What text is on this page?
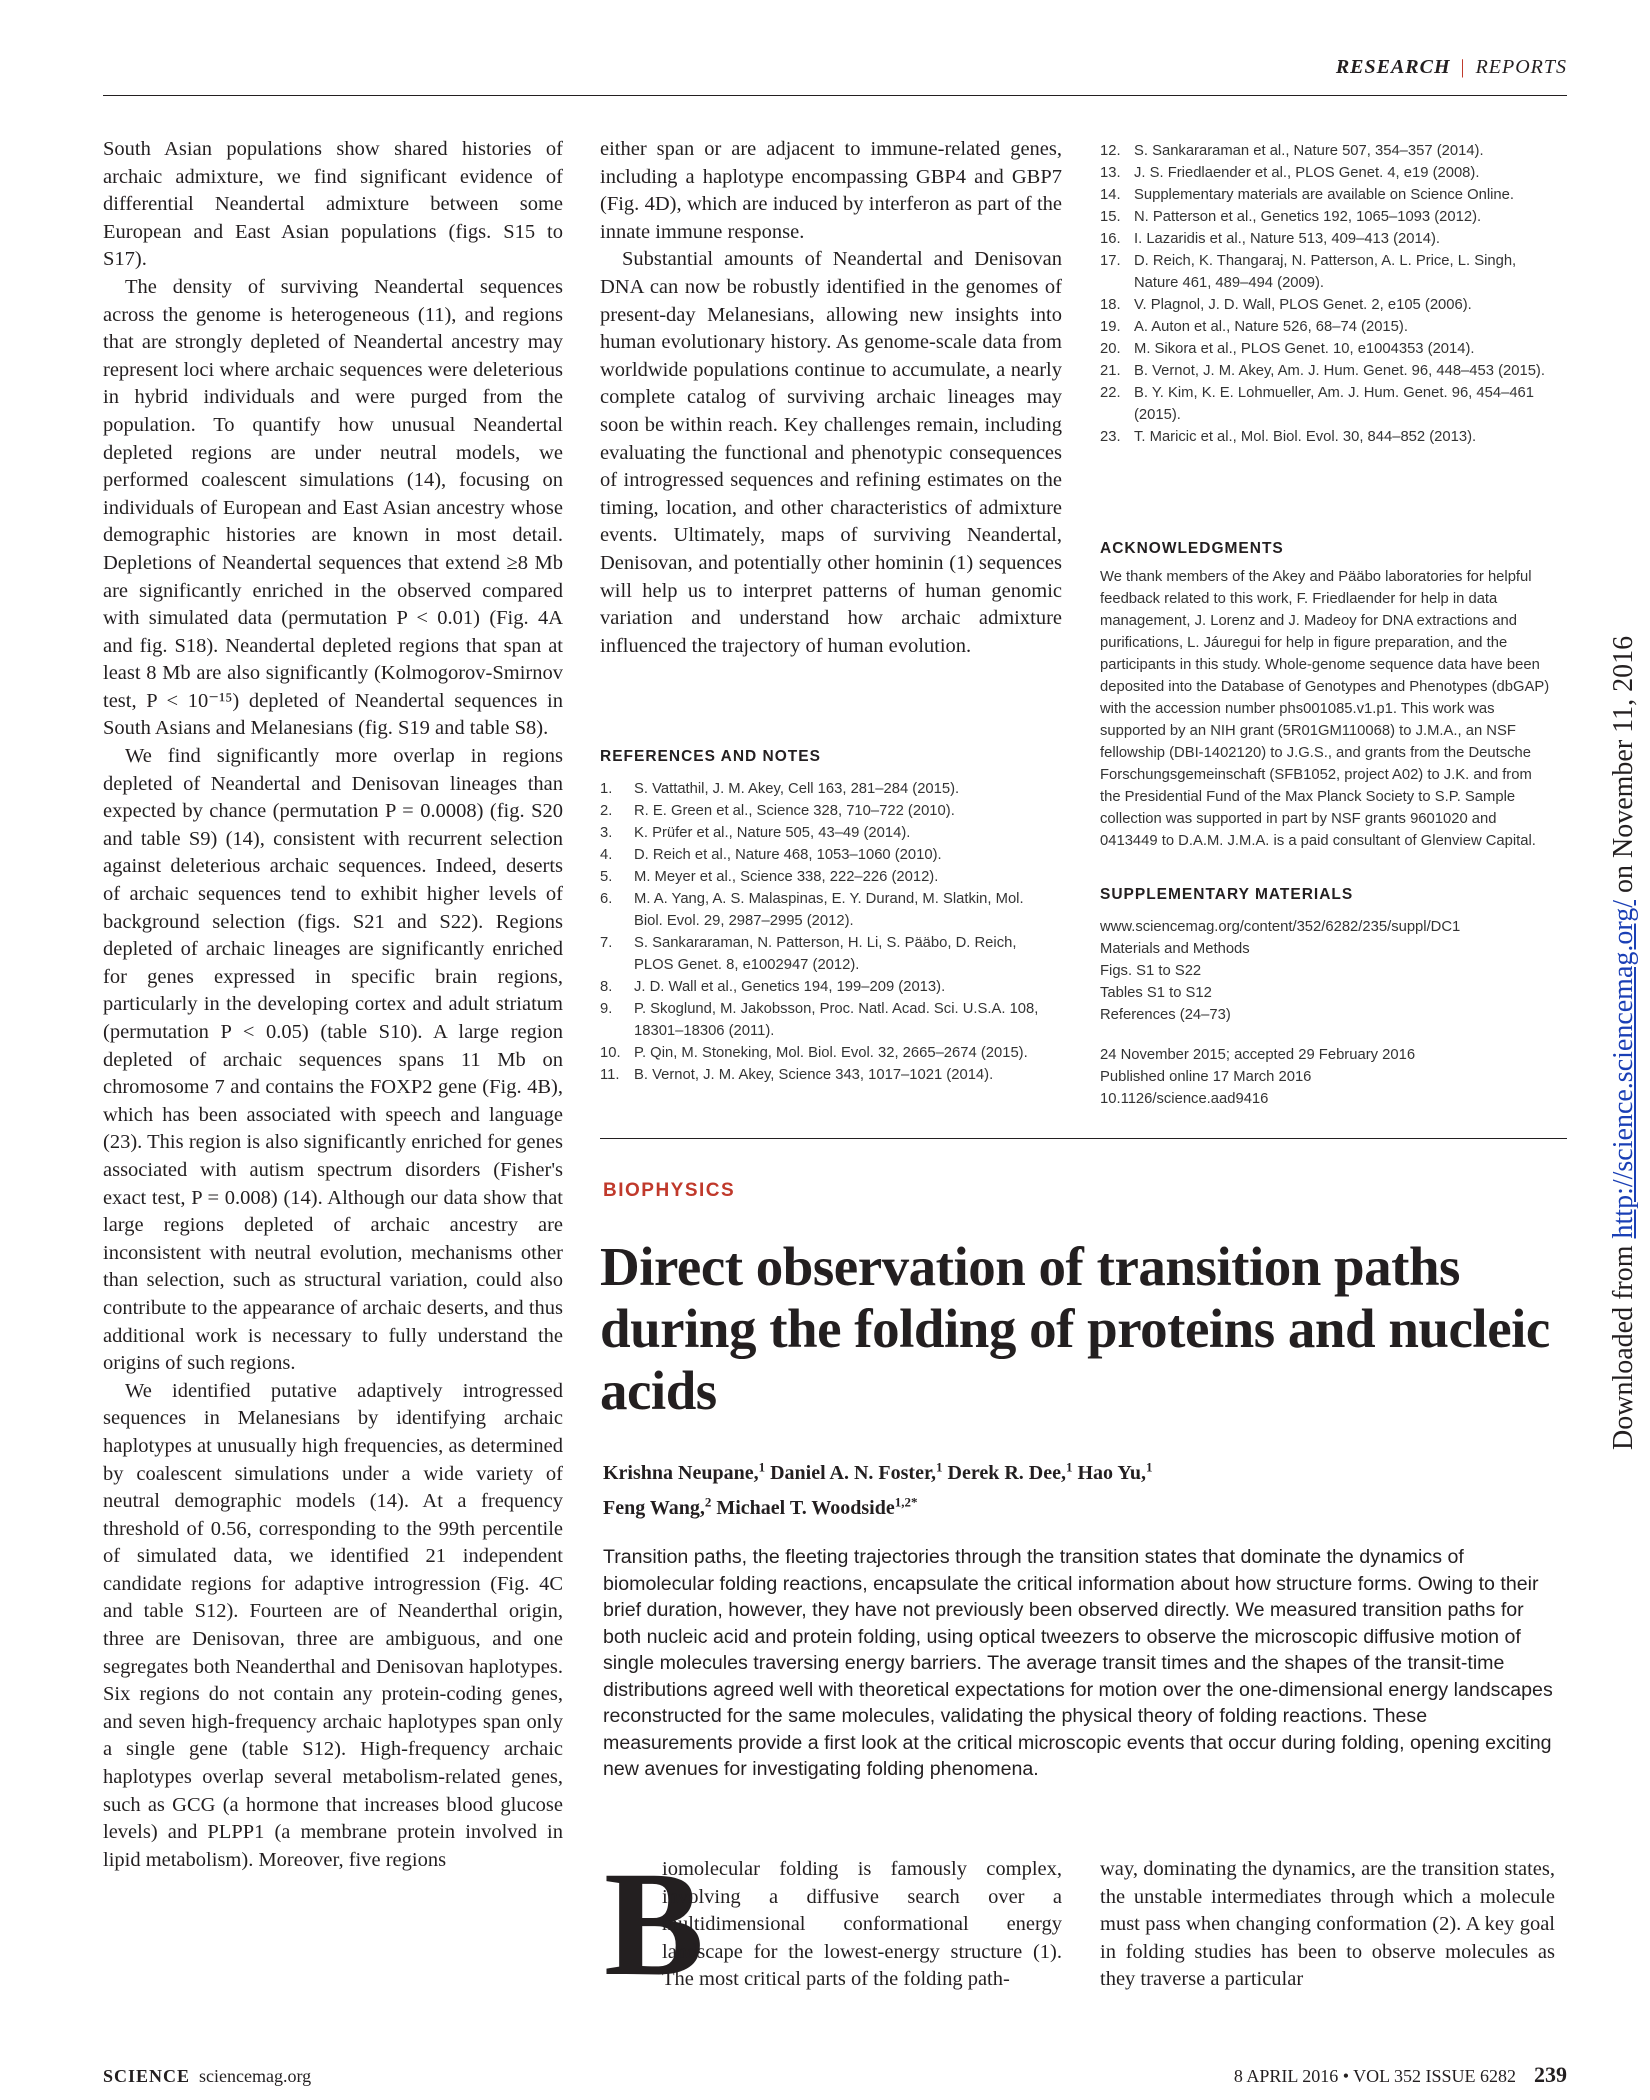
RESEARCH | REPORTS

South Asian populations show shared histories of archaic admixture, we find significant evidence of differential Neandertal admixture between some European and East Asian populations (figs. S15 to S17).

The density of surviving Neandertal sequences across the genome is heterogeneous (11), and regions that are strongly depleted of Neandertal ancestry may represent loci where archaic sequences were deleterious in hybrid individuals and were purged from the population. To quantify how unusual Neandertal depleted regions are under neutral models, we performed coalescent simulations (14), focusing on individuals of European and East Asian ancestry whose demographic histories are known in most detail. Depletions of Neandertal sequences that extend ≥8 Mb are significantly enriched in the observed compared with simulated data (permutation P < 0.01) (Fig. 4A and fig. S18). Neandertal depleted regions that span at least 8 Mb are also significantly (Kolmogorov-Smirnov test, P < 10⁻¹⁵) depleted of Neandertal sequences in South Asians and Melanesians (fig. S19 and table S8).

We find significantly more overlap in regions depleted of Neandertal and Denisovan lineages than expected by chance (permutation P = 0.0008) (fig. S20 and table S9) (14), consistent with recurrent selection against deleterious archaic sequences. Indeed, deserts of archaic sequences tend to exhibit higher levels of background selection (figs. S21 and S22). Regions depleted of archaic lineages are significantly enriched for genes expressed in specific brain regions, particularly in the developing cortex and adult striatum (permutation P < 0.05) (table S10). A large region depleted of archaic sequences spans 11 Mb on chromosome 7 and contains the FOXP2 gene (Fig. 4B), which has been associated with speech and language (23). This region is also significantly enriched for genes associated with autism spectrum disorders (Fisher's exact test, P = 0.008) (14). Although our data show that large regions depleted of archaic ancestry are inconsistent with neutral evolution, mechanisms other than selection, such as structural variation, could also contribute to the appearance of archaic deserts, and thus additional work is necessary to fully understand the origins of such regions.

We identified putative adaptively introgressed sequences in Melanesians by identifying archaic haplotypes at unusually high frequencies, as determined by coalescent simulations under a wide variety of neutral demographic models (14). At a frequency threshold of 0.56, corresponding to the 99th percentile of simulated data, we identified 21 independent candidate regions for adaptive introgression (Fig. 4C and table S12). Fourteen are of Neanderthal origin, three are Denisovan, three are ambiguous, and one segregates both Neanderthal and Denisovan haplotypes. Six regions do not contain any protein-coding genes, and seven high-frequency archaic haplotypes span only a single gene (table S12). High-frequency archaic haplotypes overlap several metabolism-related genes, such as GCG (a hormone that increases blood glucose levels) and PLPP1 (a membrane protein involved in lipid metabolism). Moreover, five regions

either span or are adjacent to immune-related genes, including a haplotype encompassing GBP4 and GBP7 (Fig. 4D), which are induced by interferon as part of the innate immune response.

Substantial amounts of Neandertal and Denisovan DNA can now be robustly identified in the genomes of present-day Melanesians, allowing new insights into human evolutionary history. As genome-scale data from worldwide populations continue to accumulate, a nearly complete catalog of surviving archaic lineages may soon be within reach. Key challenges remain, including evaluating the functional and phenotypic consequences of introgressed sequences and refining estimates on the timing, location, and other characteristics of admixture events. Ultimately, maps of surviving Neandertal, Denisovan, and potentially other hominin (1) sequences will help us to interpret patterns of human genomic variation and understand how archaic admixture influenced the trajectory of human evolution.

REFERENCES AND NOTES
1. S. Vattathil, J. M. Akey, Cell 163, 281–284 (2015).
2. R. E. Green et al., Science 328, 710–722 (2010).
3. K. Prüfer et al., Nature 505, 43–49 (2014).
4. D. Reich et al., Nature 468, 1053–1060 (2010).
5. M. Meyer et al., Science 338, 222–226 (2012).
6. M. A. Yang, A. S. Malaspinas, E. Y. Durand, M. Slatkin, Mol. Biol. Evol. 29, 2987–2995 (2012).
7. S. Sankararaman, N. Patterson, H. Li, S. Pääbo, D. Reich, PLOS Genet. 8, e1002947 (2012).
8. J. D. Wall et al., Genetics 194, 199–209 (2013).
9. P. Skoglund, M. Jakobsson, Proc. Natl. Acad. Sci. U.S.A. 108, 18301–18306 (2011).
10. P. Qin, M. Stoneking, Mol. Biol. Evol. 32, 2665–2674 (2015).
11. B. Vernot, J. M. Akey, Science 343, 1017–1021 (2014).
12. S. Sankararaman et al., Nature 507, 354–357 (2014).
13. J. S. Friedlaender et al., PLOS Genet. 4, e19 (2008).
14. Supplementary materials are available on Science Online.
15. N. Patterson et al., Genetics 192, 1065–1093 (2012).
16. I. Lazaridis et al., Nature 513, 409–413 (2014).
17. D. Reich, K. Thangaraj, N. Patterson, A. L. Price, L. Singh, Nature 461, 489–494 (2009).
18. V. Plagnol, J. D. Wall, PLOS Genet. 2, e105 (2006).
19. A. Auton et al., Nature 526, 68–74 (2015).
20. M. Sikora et al., PLOS Genet. 10, e1004353 (2014).
21. B. Vernot, J. M. Akey, Am. J. Hum. Genet. 96, 448–453 (2015).
22. B. Y. Kim, K. E. Lohmueller, Am. J. Hum. Genet. 96, 454–461 (2015).
23. T. Maricic et al., Mol. Biol. Evol. 30, 844–852 (2013).
ACKNOWLEDGMENTS
We thank members of the Akey and Pääbo laboratories for helpful feedback related to this work, F. Friedlaender for help in data management, J. Lorenz and J. Madeoy for DNA extractions and purifications, L. Jáuregui for help in figure preparation, and the participants in this study. Whole-genome sequence data have been deposited into the Database of Genotypes and Phenotypes (dbGAP) with the accession number phs001085.v1.p1. This work was supported by an NIH grant (5R01GM110068) to J.M.A., an NSF fellowship (DBI-1402120) to J.G.S., and grants from the Deutsche Forschungsgemeinschaft (SFB1052, project A02) to J.K. and from the Presidential Fund of the Max Planck Society to S.P. Sample collection was supported in part by NSF grants 9601020 and 0413449 to D.A.M. J.M.A. is a paid consultant of Glenview Capital.
SUPPLEMENTARY MATERIALS
www.sciencemag.org/content/352/6282/235/suppl/DC1
Materials and Methods
Figs. S1 to S22
Tables S1 to S12
References (24–73)
24 November 2015; accepted 29 February 2016
Published online 17 March 2016
10.1126/science.aad9416
BIOPHYSICS
Direct observation of transition paths during the folding of proteins and nucleic acids
Krishna Neupane,$^1$ Daniel A. N. Foster,$^1$ Derek R. Dee,$^1$ Hao Yu,$^1$
Feng Wang,$^2$ Michael T. Woodside$^{1,2*}$
Transition paths, the fleeting trajectories through the transition states that dominate the dynamics of biomolecular folding reactions, encapsulate the critical information about how structure forms. Owing to their brief duration, however, they have not previously been observed directly. We measured transition paths for both nucleic acid and protein folding, using optical tweezers to observe the microscopic diffusive motion of single molecules traversing energy barriers. The average transit times and the shapes of the transit-time distributions agreed well with theoretical expectations for motion over the one-dimensional energy landscapes reconstructed for the same molecules, validating the physical theory of folding reactions. These measurements provide a first look at the critical microscopic events that occur during folding, opening exciting new avenues for investigating folding phenomena.
B
iomolecular folding is famously complex, involving a diffusive search over a multidimensional conformational energy landscape for the lowest-energy structure (1). The most critical parts of the folding path-
way, dominating the dynamics, are the transition states, the unstable intermediates through which a molecule must pass when changing conformation (2). A key goal in folding studies has been to observe molecules as they traverse a particular
SCIENCE sciencemag.org	8 APRIL 2016 • VOL 352 ISSUE 6282 239
Downloaded from http://science.sciencemag.org/ on November 11, 2016
